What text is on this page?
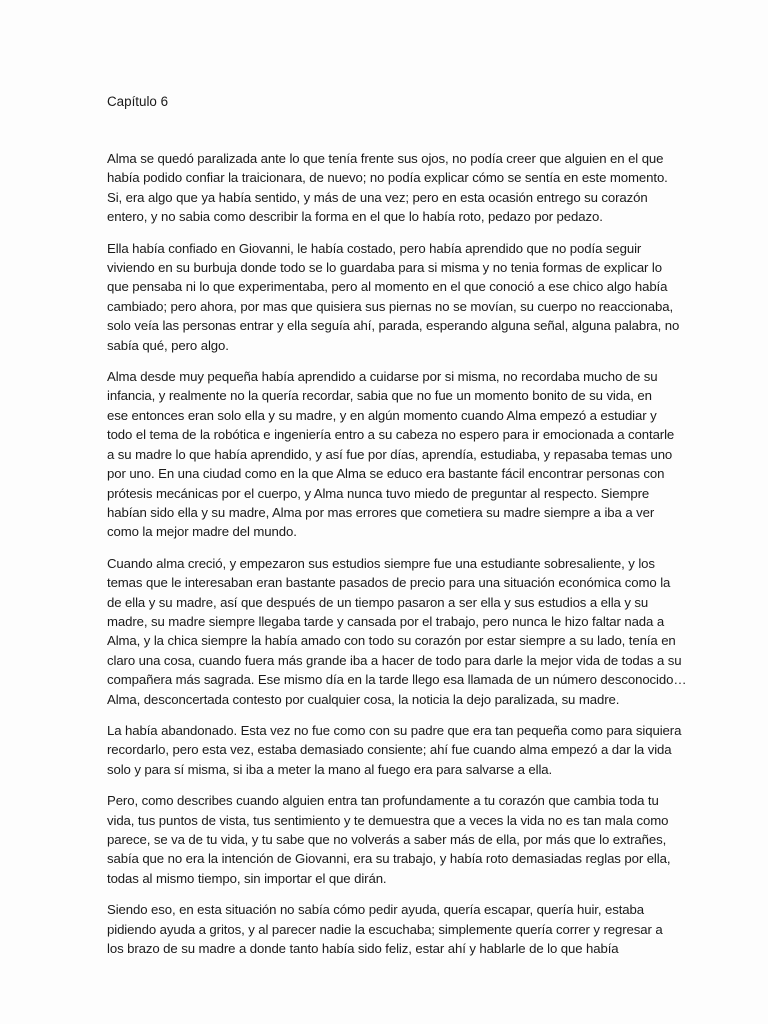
Capítulo 6

Alma se quedó paralizada ante lo que tenía frente sus ojos, no podía creer que alguien en el que
había podido confiar la traicionara, de nuevo; no podía explicar cómo se sentía en este momento.
Si, era algo que ya había sentido, y más de una vez; pero en esta ocasión entrego su corazón
entero, y no sabia como describir la forma en el que lo había roto, pedazo por pedazo.

Ella había confiado en Giovanni, le había costado, pero había aprendido que no podía seguir
viviendo en su burbuja donde todo se lo guardaba para si misma y no tenia formas de explicar lo
que pensaba ni lo que experimentaba, pero al momento en el que conoció a ese chico algo había
cambiado; pero ahora, por mas que quisiera sus piernas no se movían, su cuerpo no reaccionaba,
solo veía las personas entrar y ella seguía ahí, parada, esperando alguna señal, alguna palabra, no
sabía qué, pero algo.

Alma desde muy pequeña había aprendido a cuidarse por si misma, no recordaba mucho de su
infancia, y realmente no la quería recordar, sabia que no fue un momento bonito de su vida, en
ese entonces eran solo ella y su madre, y en algún momento cuando Alma empezó a estudiar y
todo el tema de la robótica e ingeniería entro a su cabeza no espero para ir emocionada a contarle
a su madre lo que había aprendido, y así fue por días, aprendía, estudiaba, y repasaba temas uno
por uno. En una ciudad como en la que Alma se educo era bastante fácil encontrar personas con
prótesis mecánicas por el cuerpo, y Alma nunca tuvo miedo de preguntar al respecto. Siempre
habían sido ella y su madre, Alma por mas errores que cometiera su madre siempre a iba a ver
como la mejor madre del mundo.

Cuando alma creció, y empezaron sus estudios siempre fue una estudiante sobresaliente, y los
temas que le interesaban eran bastante pasados de precio para una situación económica como la
de ella y su madre, así que después de un tiempo pasaron a ser ella y sus estudios a ella y su
madre, su madre siempre llegaba tarde y cansada por el trabajo, pero nunca le hizo faltar nada a
Alma, y la chica siempre la había amado con todo su corazón por estar siempre a su lado, tenía en
claro una cosa, cuando fuera más grande iba a hacer de todo para darle la mejor vida de todas a su
compañera más sagrada. Ese mismo día en la tarde llego esa llamada de un número desconocido…
Alma, desconcertada contesto por cualquier cosa, la noticia la dejo paralizada, su madre.

La había abandonado. Esta vez no fue como con su padre que era tan pequeña como para siquiera
recordarlo, pero esta vez, estaba demasiado consiente; ahí fue cuando alma empezó a dar la vida
solo y para sí misma, si iba a meter la mano al fuego era para salvarse a ella.

Pero, como describes cuando alguien entra tan profundamente a tu corazón que cambia toda tu
vida, tus puntos de vista, tus sentimiento y te demuestra que a veces la vida no es tan mala como
parece, se va de tu vida, y tu sabe que no volverás a saber más de ella, por más que lo extrañes,
sabía que no era la intención de Giovanni, era su trabajo, y había roto demasiadas reglas por ella,
todas al mismo tiempo, sin importar el que dirán.

Siendo eso, en esta situación no sabía cómo pedir ayuda, quería escapar, quería huir, estaba
pidiendo ayuda a gritos, y al parecer nadie la escuchaba; simplemente quería correr y regresar a
los brazo de su madre a donde tanto había sido feliz, estar ahí y hablarle de lo que había
